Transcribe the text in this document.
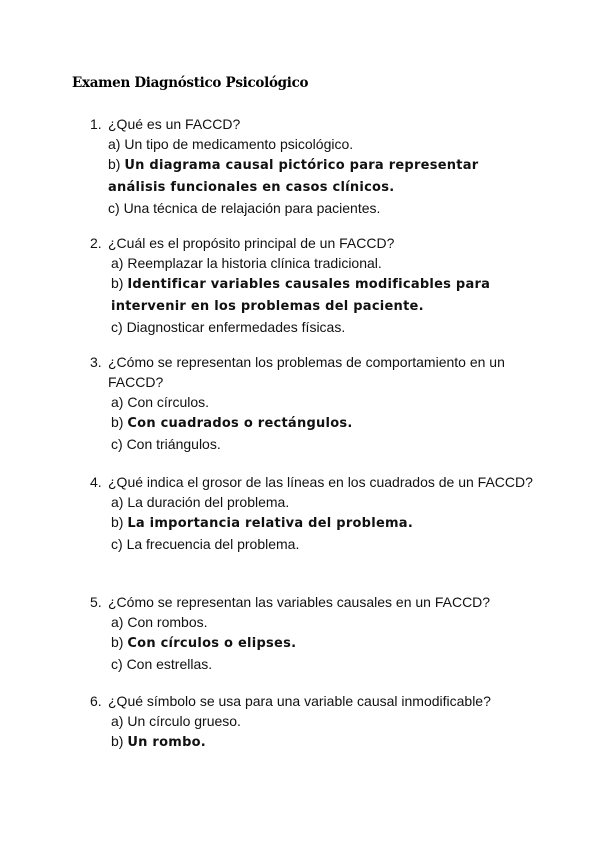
Examen Diagnóstico Psicológico
1. ¿Qué es un FACCD?
a) Un tipo de medicamento psicológico.
b) Un diagrama causal pictórico para representar análisis funcionales en casos clínicos.
c) Una técnica de relajación para pacientes.
2. ¿Cuál es el propósito principal de un FACCD?
a) Reemplazar la historia clínica tradicional.
b) Identificar variables causales modificables para intervenir en los problemas del paciente.
c) Diagnosticar enfermedades físicas.
3. ¿Cómo se representan los problemas de comportamiento en un FACCD?
a) Con círculos.
b) Con cuadrados o rectángulos.
c) Con triángulos.
4. ¿Qué indica el grosor de las líneas en los cuadrados de un FACCD?
a) La duración del problema.
b) La importancia relativa del problema.
c) La frecuencia del problema.
5. ¿Cómo se representan las variables causales en un FACCD?
a) Con rombos.
b) Con círculos o elipses.
c) Con estrellas.
6. ¿Qué símbolo se usa para una variable causal inmodificable?
a) Un círculo grueso.
b) Un rombo.
